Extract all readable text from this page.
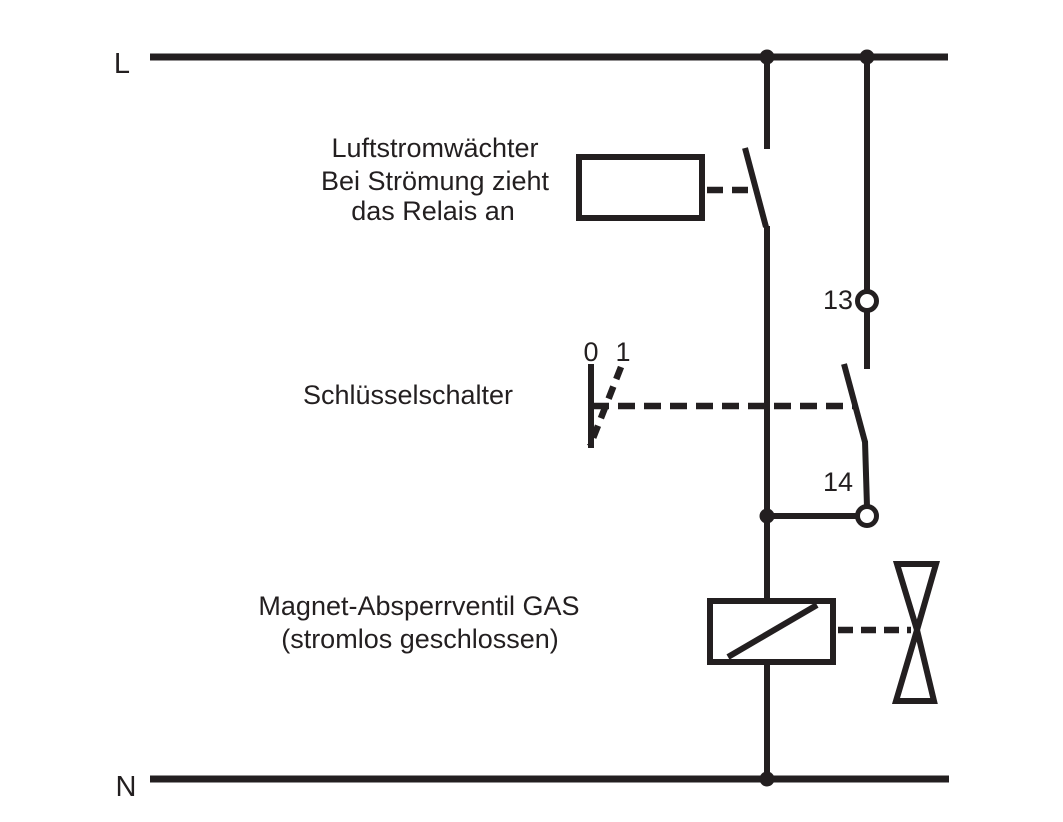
L
N
Luftstromwächter
Bei Strömung zieht
das Relais an
Schlüsselschalter
0 1
13
14
Magnet-Absperrventil GAS
(stromlos geschlossen)
